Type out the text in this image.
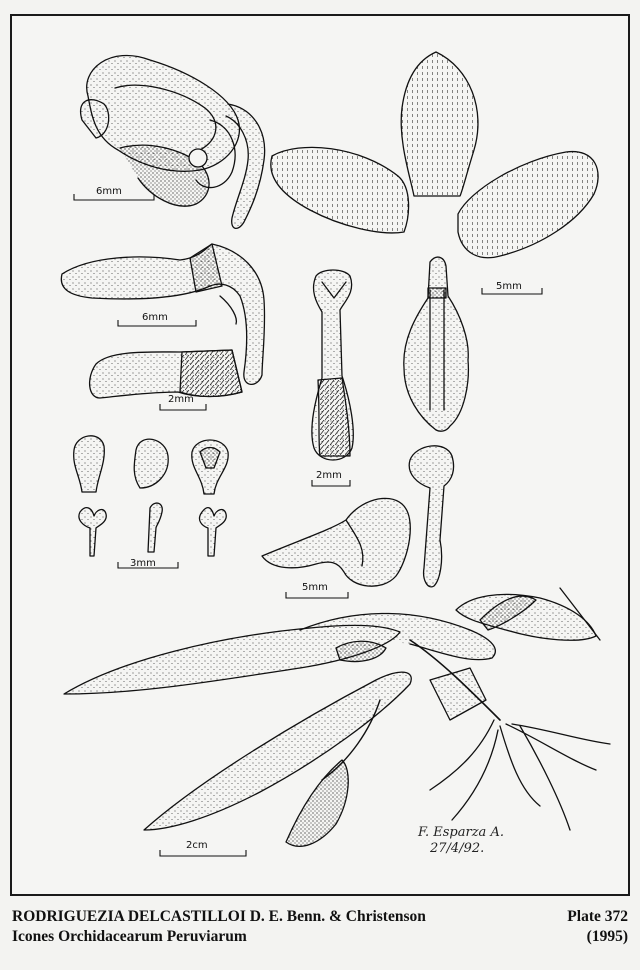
6mm
5mm
6mm
2mm
2mm
3mm
5mm
2cm
F. Esparza A.
27/4/92.
RODRIGUEZIA DELCASTILLOI D. E. Benn. & Christenson
Icones Orchidacearum Peruviarum
Plate 372
(1995)
